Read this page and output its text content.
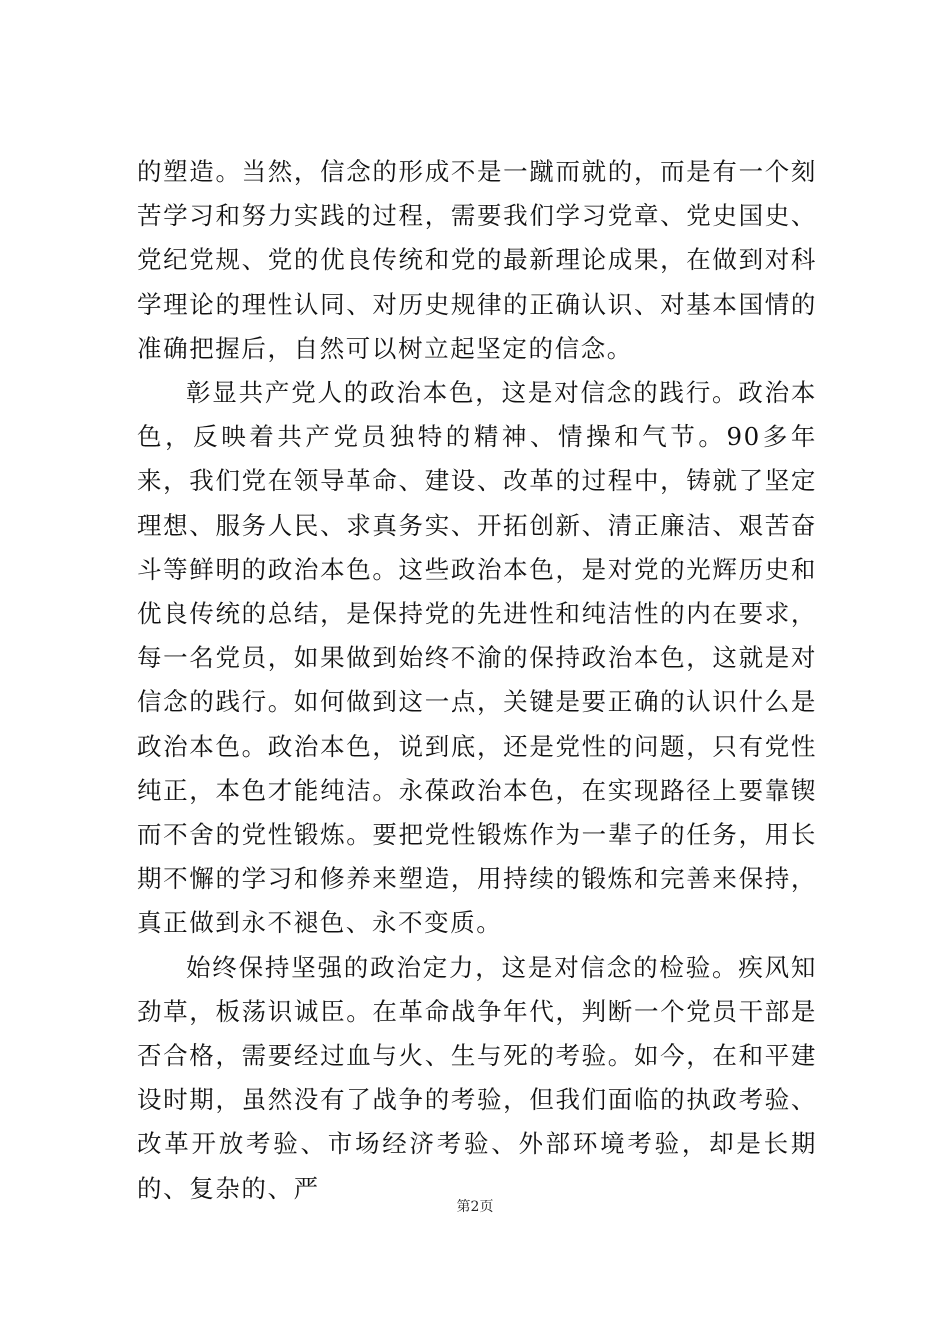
的塑造。当然，信念的形成不是一蹴而就的，而是有一个刻苦学习和努力实践的过程，需要我们学习党章、党史国史、党纪党规、党的优良传统和党的最新理论成果，在做到对科学理论的理性认同、对历史规律的正确认识、对基本国情的准确把握后，自然可以树立起坚定的信念。

彰显共产党人的政治本色，这是对信念的践行。政治本色，反映着共产党员独特的精神、情操和气节。90多年来，我们党在领导革命、建设、改革的过程中，铸就了坚定理想、服务人民、求真务实、开拓创新、清正廉洁、艰苦奋斗等鲜明的政治本色。这些政治本色，是对党的光辉历史和优良传统的总结，是保持党的先进性和纯洁性的内在要求，每一名党员，如果做到始终不渝的保持政治本色，这就是对信念的践行。如何做到这一点，关键是要正确的认识什么是政治本色。政治本色，说到底，还是党性的问题，只有党性纯正，本色才能纯洁。永葆政治本色，在实现路径上要靠锲而不舍的党性锻炼。要把党性锻炼作为一辈子的任务，用长期不懈的学习和修养来塑造，用持续的锻炼和完善来保持，真正做到永不褪色、永不变质。

始终保持坚强的政治定力，这是对信念的检验。疾风知劲草，板荡识诚臣。在革命战争年代，判断一个党员干部是否合格，需要经过血与火、生与死的考验。如今，在和平建设时期，虽然没有了战争的考验，但我们面临的执政考验、改革开放考验、市场经济考验、外部环境考验，却是长期的、复杂的、严

第2页
